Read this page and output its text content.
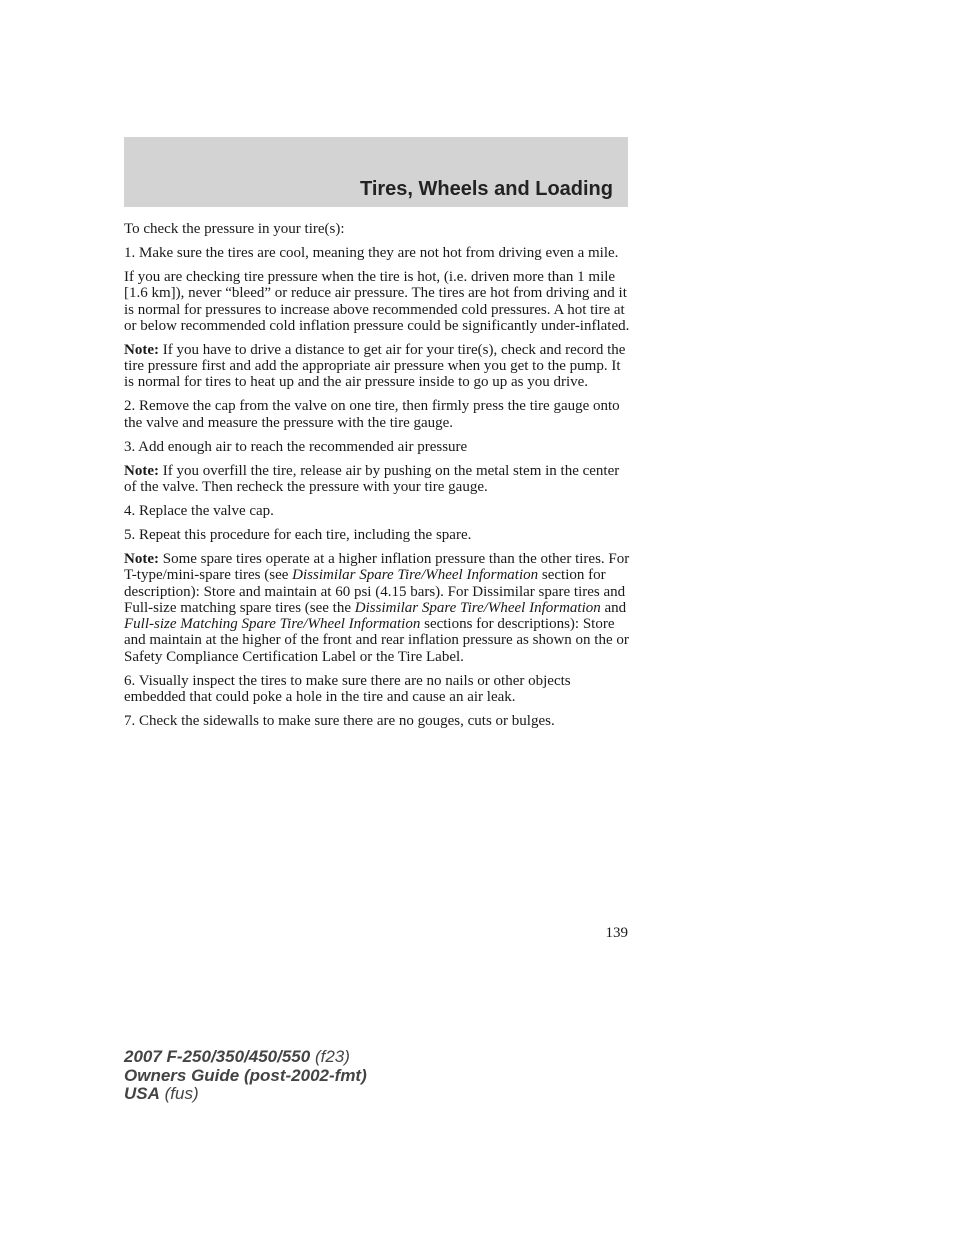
Tires, Wheels and Loading

To check the pressure in your tire(s):

1. Make sure the tires are cool, meaning they are not hot from driving even a mile.

If you are checking tire pressure when the tire is hot, (i.e. driven more than 1 mile [1.6 km]), never “bleed” or reduce air pressure. The tires are hot from driving and it is normal for pressures to increase above recommended cold pressures. A hot tire at or below recommended cold inflation pressure could be significantly under-inflated.

Note: If you have to drive a distance to get air for your tire(s), check and record the tire pressure first and add the appropriate air pressure when you get to the pump. It is normal for tires to heat up and the air pressure inside to go up as you drive.

2. Remove the cap from the valve on one tire, then firmly press the tire gauge onto the valve and measure the pressure with the tire gauge.

3. Add enough air to reach the recommended air pressure

Note: If you overfill the tire, release air by pushing on the metal stem in the center of the valve. Then recheck the pressure with your tire gauge.

4. Replace the valve cap.

5. Repeat this procedure for each tire, including the spare.

Note: Some spare tires operate at a higher inflation pressure than the other tires. For T-type/mini-spare tires (see Dissimilar Spare Tire/Wheel Information section for description): Store and maintain at 60 psi (4.15 bars). For Dissimilar spare tires and Full-size matching spare tires (see the Dissimilar Spare Tire/Wheel Information and Full-size Matching Spare Tire/Wheel Information sections for descriptions): Store and maintain at the higher of the front and rear inflation pressure as shown on the or Safety Compliance Certification Label or the Tire Label.

6. Visually inspect the tires to make sure there are no nails or other objects embedded that could poke a hole in the tire and cause an air leak.

7. Check the sidewalls to make sure there are no gouges, cuts or bulges.

139
2007 F-250/350/450/550 (f23)
Owners Guide (post-2002-fmt)
USA (fus)
